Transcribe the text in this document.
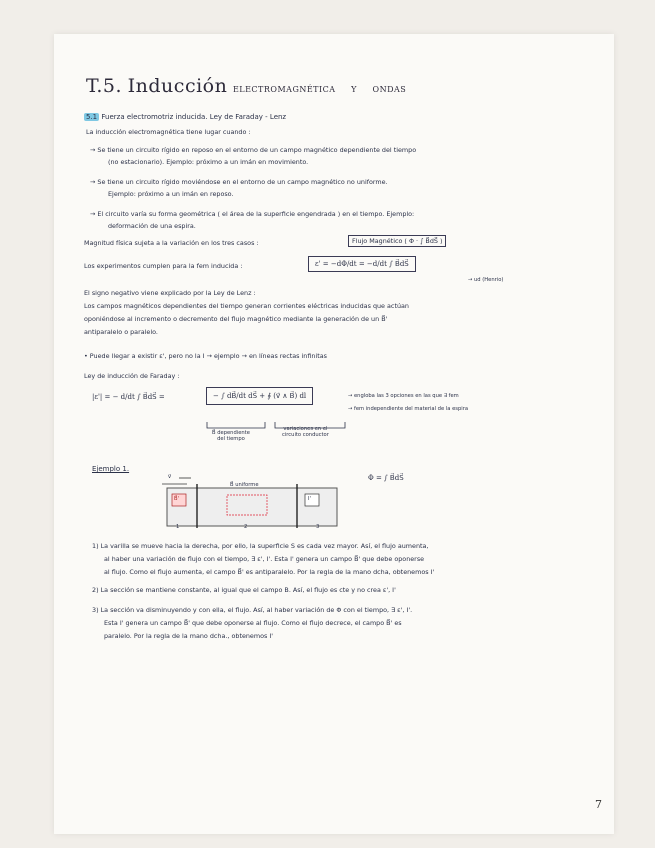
T.5. Inducción electromagnética y ondas
5.1 Fuerza electromotriz inducida. Ley de Faraday - Lenz
La inducción electromagnética tiene lugar cuando :
→ Se tiene un circuito rígido en reposo en el entorno de un campo magnético dependiente del tiempo
(no estacionario). Ejemplo: próximo a un imán en movimiento.
→ Se tiene un circuito rígido moviéndose en el entorno de un campo magnético no uniforme.
Ejemplo: próximo a un imán en reposo.
→ El circuito varía su forma geométrica ( el área de la superficie engendrada ) en el tiempo. Ejemplo:
deformación de una espira.
Magnitud física sujeta a la variación en los tres casos :	Flujo Magnético ( Φ · ∫ B⃗dS⃗ )
Los experimentos cumplen para la fem inducida :	ε' = −dΦ/dt = −d/dt ∫ B⃗dS⃗
→ ud (Henrio)
El signo negativo viene explicado por la Ley de Lenz :
Los campos magnéticos dependientes del tiempo generan corrientes eléctricas inducidas que actúan
oponiéndose al incremento o decremento del flujo magnético mediante la generación de un B⃗'
antiparalelo o paralelo.
• Puede llegar a existir ε', pero no la I → ejemplo → en líneas rectas infinitas
Ley de inducción de Faraday :
|ε'| = − d/dt ∫ B⃗dS⃗ =	− ∫ dB⃗/dt dS⃗ + ∮ (v⃗ ∧ B⃗) dl	→ engloba las 3 opciones en las que ∃ fem
→ fem independiente del material de la espira
B⃗ dependiente
del tiempo
variaciones en el
circuito conductor
Ejemplo 1.
v⃗
B⃗ uniforme
B⃗'	I'
1	2	3
Φ = ∫ B⃗dS⃗
1) La varilla se mueve hacia la derecha, por ello, la superficie S es cada vez mayor. Así, el flujo aumenta,
al haber una variación de flujo con el tiempo, ∃ ε', I'. Esta I' genera un campo B⃗' que debe oponerse
al flujo. Como el flujo aumenta, el campo B⃗' es antiparalelo. Por la regla de la mano dcha, obtenemos I'
2) La sección se mantiene constante, al igual que el campo B. Así, el flujo es cte y no crea ε', I'
3) La sección va disminuyendo y con ella, el flujo. Así, al haber variación de Φ con el tiempo, ∃ ε', I'.
Esta I' genera un campo B⃗' que debe oponerse al flujo. Como el flujo decrece, el campo B⃗' es
paralelo. Por la regla de la mano dcha., obtenemos I'
7
